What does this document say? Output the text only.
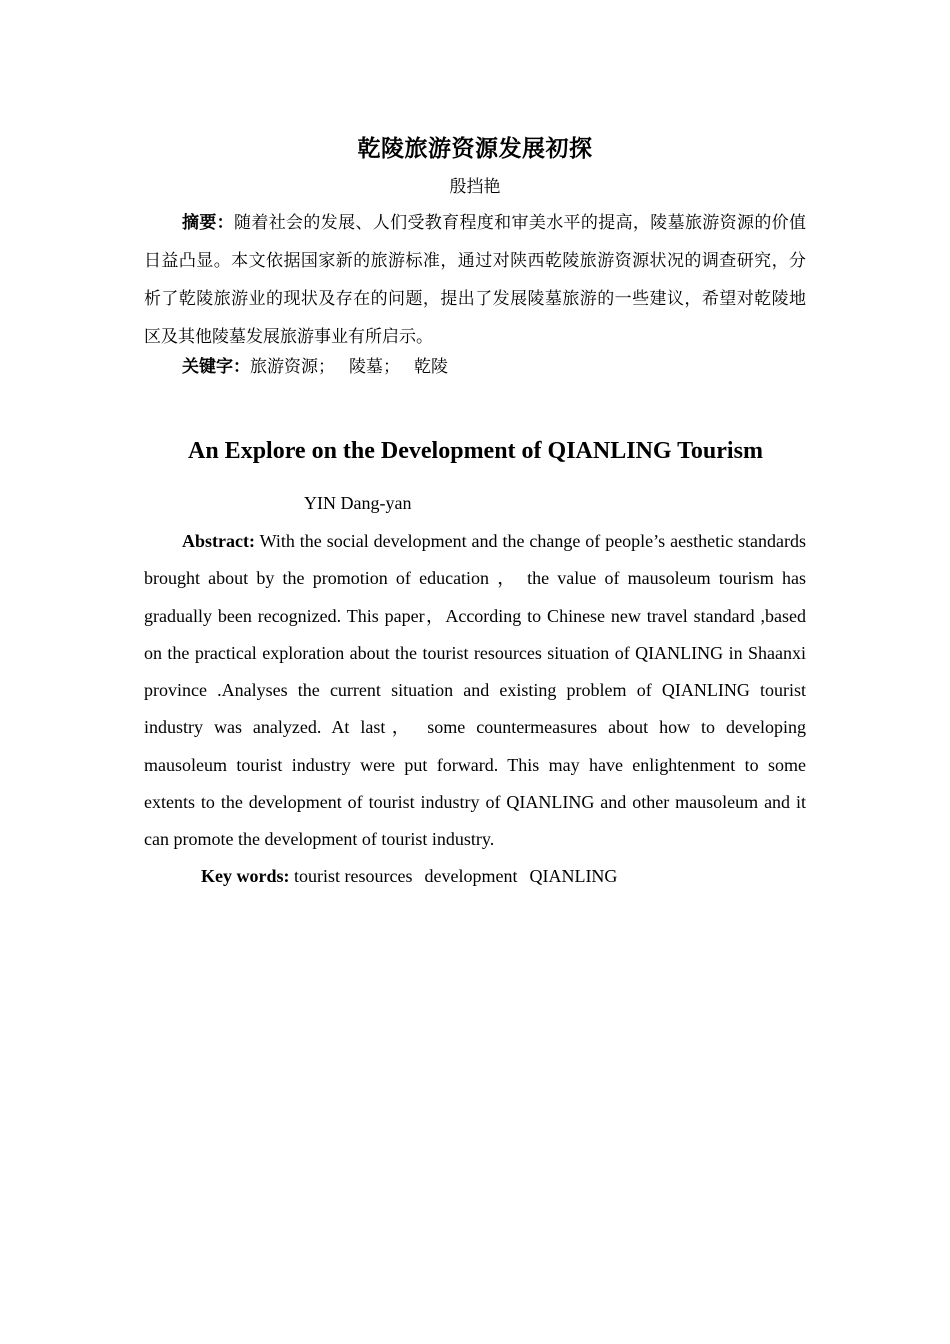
乾陵旅游资源发展初探
殷挡艳

摘要：随着社会的发展、人们受教育程度和审美水平的提高，陵墓旅游资源的价值日益凸显。本文依据国家新的旅游标准，通过对陕西乾陵旅游资源状况的调查研究，分析了乾陵旅游业的现状及存在的问题，提出了发展陵墓旅游的一些建议，希望对乾陵地区及其他陵墓发展旅游事业有所启示。

关键字：旅游资源； 陵墓； 乾陵
An Explore on the Development of QIANLING Tourism
YIN Dang-yan

Abstract: With the social development and the change of people’s aesthetic standards brought about by the promotion of education ， the value of mausoleum tourism has gradually been recognized. This paper，According to Chinese new travel standard ,based on the practical exploration about the tourist resources situation of QIANLING in Shaanxi province .Analyses the current situation and existing problem of QIANLING tourist industry was analyzed. At last， some countermeasures about how to developing mausoleum tourist industry were put forward. This may have enlightenment to some extents to the development of tourist industry of QIANLING and other mausoleum and it can promote the development of tourist industry.

Key words: tourist resources development QIANLING
